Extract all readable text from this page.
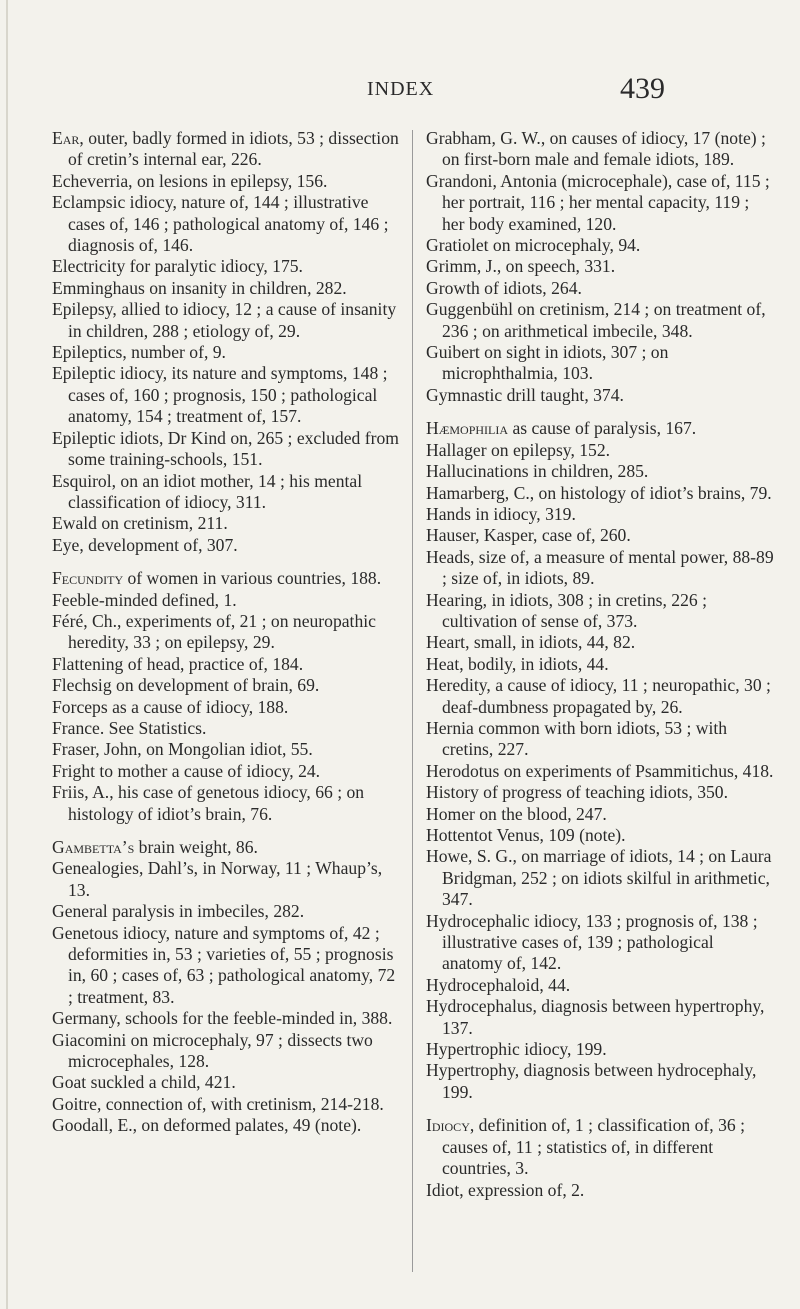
INDEX	439

Ear, outer, badly formed in idiots, 53 ; dissection of cretin’s internal ear, 226.

Echeverria, on lesions in epilepsy, 156.

Eclampsic idiocy, nature of, 144 ; illustrative cases of, 146 ; pathological anatomy of, 146 ; diagnosis of, 146.

Electricity for paralytic idiocy, 175.

Emminghaus on insanity in children, 282.

Epilepsy, allied to idiocy, 12 ; a cause of insanity in children, 288 ; etiology of, 29.

Epileptics, number of, 9.

Epileptic idiocy, its nature and symptoms, 148 ; cases of, 160 ; prognosis, 150 ; pathological anatomy, 154 ; treatment of, 157.

Epileptic idiots, Dr Kind on, 265 ; excluded from some training-schools, 151.

Esquirol, on an idiot mother, 14 ; his mental classification of idiocy, 311.

Ewald on cretinism, 211.

Eye, development of, 307.

Fecundity of women in various countries, 188.

Feeble-minded defined, 1.

Féré, Ch., experiments of, 21 ; on neuropathic heredity, 33 ; on epilepsy, 29.

Flattening of head, practice of, 184.

Flechsig on development of brain, 69.

Forceps as a cause of idiocy, 188.

France. See Statistics.

Fraser, John, on Mongolian idiot, 55.

Fright to mother a cause of idiocy, 24.

Friis, A., his case of genetous idiocy, 66 ; on histology of idiot’s brain, 76.

Gambetta’s brain weight, 86.

Genealogies, Dahl’s, in Norway, 11 ; Whaup’s, 13.

General paralysis in imbeciles, 282.

Genetous idiocy, nature and symptoms of, 42 ; deformities in, 53 ; varieties of, 55 ; prognosis in, 60 ; cases of, 63 ; pathological anatomy, 72 ; treatment, 83.

Germany, schools for the feeble-minded in, 388.

Giacomini on microcephaly, 97 ; dissects two microcephales, 128.

Goat suckled a child, 421.

Goitre, connection of, with cretinism, 214-218.

Goodall, E., on deformed palates, 49 (note).

Grabham, G. W., on causes of idiocy, 17 (note) ; on first-born male and female idiots, 189.

Grandoni, Antonia (microcephale), case of, 115 ; her portrait, 116 ; her mental capacity, 119 ; her body examined, 120.

Gratiolet on microcephaly, 94.

Grimm, J., on speech, 331.

Growth of idiots, 264.

Guggenbühl on cretinism, 214 ; on treatment of, 236 ; on arithmetical imbecile, 348.

Guibert on sight in idiots, 307 ; on microphthalmia, 103.

Gymnastic drill taught, 374.

Hæmophilia as cause of paralysis, 167.

Hallager on epilepsy, 152.

Hallucinations in children, 285.

Hamarberg, C., on histology of idiot’s brains, 79.

Hands in idiocy, 319.

Hauser, Kasper, case of, 260.

Heads, size of, a measure of mental power, 88-89 ; size of, in idiots, 89.

Hearing, in idiots, 308 ; in cretins, 226 ; cultivation of sense of, 373.

Heart, small, in idiots, 44, 82.

Heat, bodily, in idiots, 44.

Heredity, a cause of idiocy, 11 ; neuropathic, 30 ; deaf-dumbness propagated by, 26.

Hernia common with born idiots, 53 ; with cretins, 227.

Herodotus on experiments of Psammitichus, 418.

History of progress of teaching idiots, 350.

Homer on the blood, 247.

Hottentot Venus, 109 (note).

Howe, S. G., on marriage of idiots, 14 ; on Laura Bridgman, 252 ; on idiots skilful in arithmetic, 347.

Hydrocephalic idiocy, 133 ; prognosis of, 138 ; illustrative cases of, 139 ; pathological anatomy of, 142.

Hydrocephaloid, 44.

Hydrocephalus, diagnosis between hypertrophy, 137.

Hypertrophic idiocy, 199.

Hypertrophy, diagnosis between hydrocephaly, 199.

Idiocy, definition of, 1 ; classification of, 36 ; causes of, 11 ; statistics of, in different countries, 3.

Idiot, expression of, 2.
